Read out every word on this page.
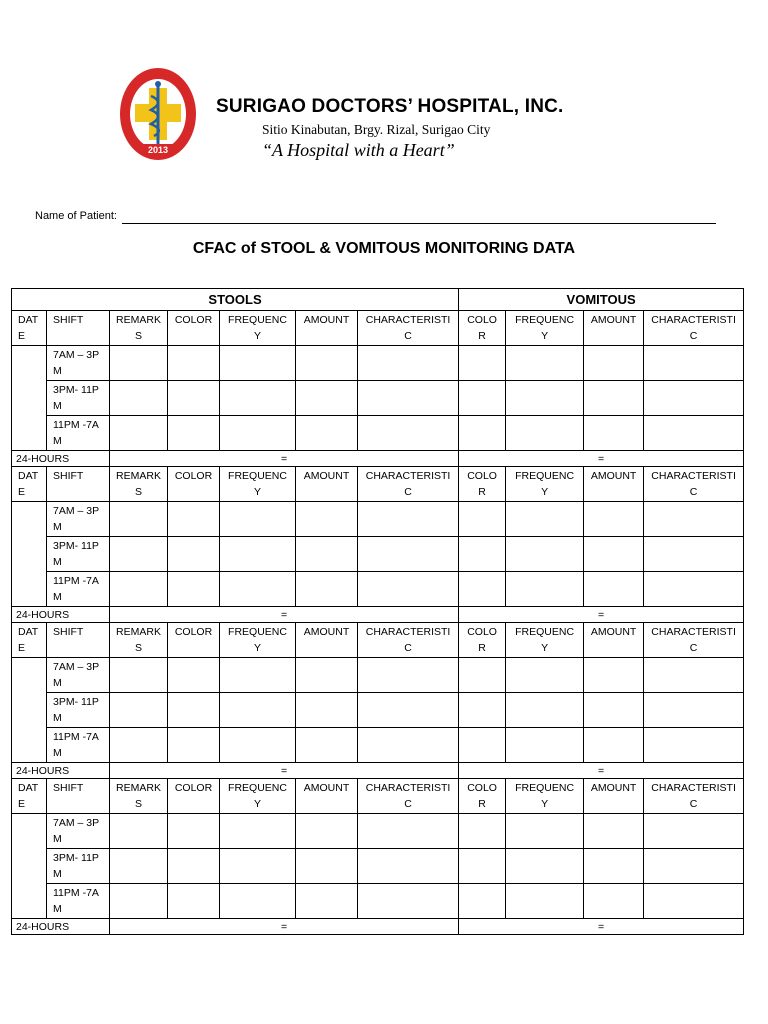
2013
SURIGAO DOCTORS’ HOSPITAL, INC.
Sitio Kinabutan, Brgy. Rizal, Surigao City
“A Hospital with a Heart”
Name of Patient:
CFAC of STOOL & VOMITOUS MONITORING DATA
STOOLS							VOMITOUS			
DAT E	SHIFT	REMARKS	COLOR	FREQUENCY	AMOUNT	CHARACTERISTIC	COLO R	FREQUENCY	AMOUNT	CHARACTERISTIC
	7AM – 3PM									
	3PM- 11PM									
	11PM -7AM									
24-HOURS		=					=			
DAT E	SHIFT	REMARKS	COLOR	FREQUENC Y	AMOUNT	CHARACTERISTI C	COLOR	FREQUENCY	AMOUNT	CHARACTERISTIC
	7AM – 3PM									
	3PM- 11PM									
	11PM -7AM									
24-HOURS		=					=			
DAT E	SHIFT	REMARKS	COLOR	FREQUENCY	AMOUNT	CHARACTERISTIC	COLO R	FREQUENCY	AMOUNT	CHARACTERISTIC
	7AM – 3PM									
	3PM- 11PM									
	11PM -7AM									
24-HOURS		=					=			
DAT E	SHIFT	REMARKS	COLOR	FREQUENC Y	AMOUNT	CHARACTERISTI C	COLOR	FREQUENCY	AMOUNT	CHARACTERISTIC
	7AM – 3PM									
	3PM- 11PM									
	11PM -7AM									
24-HOURS		=					=			
